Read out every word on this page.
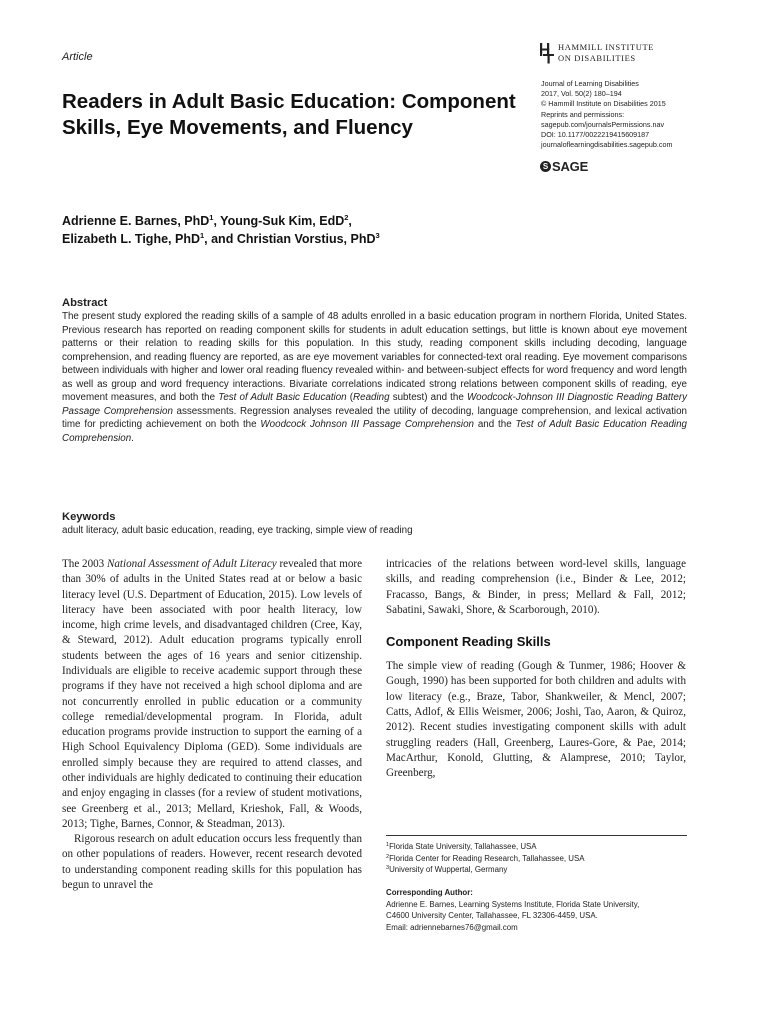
Article
HAMMILL INSTITUTE
ON DISABILITIES
Journal of Learning Disabilities
2017, Vol. 50(2) 180–194
© Hammill Institute on Disabilities 2015
Reprints and permissions:
sagepub.com/journalsPermissions.nav
DOI: 10.1177/0022219415609187
journaloflearningdisabilities.sagepub.com
S SAGE
Readers in Adult Basic Education: Component Skills, Eye Movements, and Fluency
Adrienne E. Barnes, PhD$^1$, Young-Suk Kim, EdD$^2$,
Elizabeth L. Tighe, PhD$^1$, and Christian Vorstius, PhD$^3$
Abstract

The present study explored the reading skills of a sample of 48 adults enrolled in a basic education program in northern Florida, United States. Previous research has reported on reading component skills for students in adult education settings, but little is known about eye movement patterns or their relation to reading skills for this population. In this study, reading component skills including decoding, language comprehension, and reading fluency are reported, as are eye movement variables for connected-text oral reading. Eye movement comparisons between individuals with higher and lower oral reading fluency revealed within- and between-subject effects for word frequency and word length as well as group and word frequency interactions. Bivariate correlations indicated strong relations between component skills of reading, eye movement measures, and both the Test of Adult Basic Education (Reading subtest) and the Woodcock-Johnson III Diagnostic Reading Battery Passage Comprehension assessments. Regression analyses revealed the utility of decoding, language comprehension, and lexical activation time for predicting achievement on both the Woodcock Johnson III Passage Comprehension and the Test of Adult Basic Education Reading Comprehension.

Keywords

adult literacy, adult basic education, reading, eye tracking, simple view of reading

The 2003 National Assessment of Adult Literacy revealed that more than 30% of adults in the United States read at or below a basic literacy level (U.S. Department of Education, 2015). Low levels of literacy have been associated with poor health literacy, low income, high crime levels, and disadvantaged children (Cree, Kay, & Steward, 2012). Adult education programs typically enroll students between the ages of 16 years and senior citizenship. Individuals are eligible to receive academic support through these programs if they have not received a high school diploma and are not concurrently enrolled in public education or a community college remedial/developmental program. In Florida, adult education programs provide instruction to support the earning of a High School Equivalency Diploma (GED). Some individuals are enrolled simply because they are required to attend classes, and other individuals are highly dedicated to continuing their education and enjoy engaging in classes (for a review of student motivations, see Greenberg et al., 2013; Mellard, Krieshok, Fall, & Woods, 2013; Tighe, Barnes, Connor, & Steadman, 2013).

Rigorous research on adult education occurs less frequently than on other populations of readers. However, recent research devoted to understanding component reading skills for this population has begun to unravel the

intricacies of the relations between word-level skills, language skills, and reading comprehension (i.e., Binder & Lee, 2012; Fracasso, Bangs, & Binder, in press; Mellard & Fall, 2012; Sabatini, Sawaki, Shore, & Scarborough, 2010).

Component Reading Skills

The simple view of reading (Gough & Tunmer, 1986; Hoover & Gough, 1990) has been supported for both children and adults with low literacy (e.g., Braze, Tabor, Shankweiler, & Mencl, 2007; Catts, Adlof, & Ellis Weismer, 2006; Joshi, Tao, Aaron, & Quiroz, 2012). Recent studies investigating component skills with adult struggling readers (Hall, Greenberg, Laures-Gore, & Pae, 2014; MacArthur, Konold, Glutting, & Alamprese, 2010; Taylor, Greenberg,

$^1$Florida State University, Tallahassee, USA
$^2$Florida Center for Reading Research, Tallahassee, USA
$^3$University of Wuppertal, Germany
Corresponding Author:
Adrienne E. Barnes, Learning Systems Institute, Florida State University,
C4600 University Center, Tallahassee, FL 32306-4459, USA.
Email: adriennebarnes76@gmail.com
